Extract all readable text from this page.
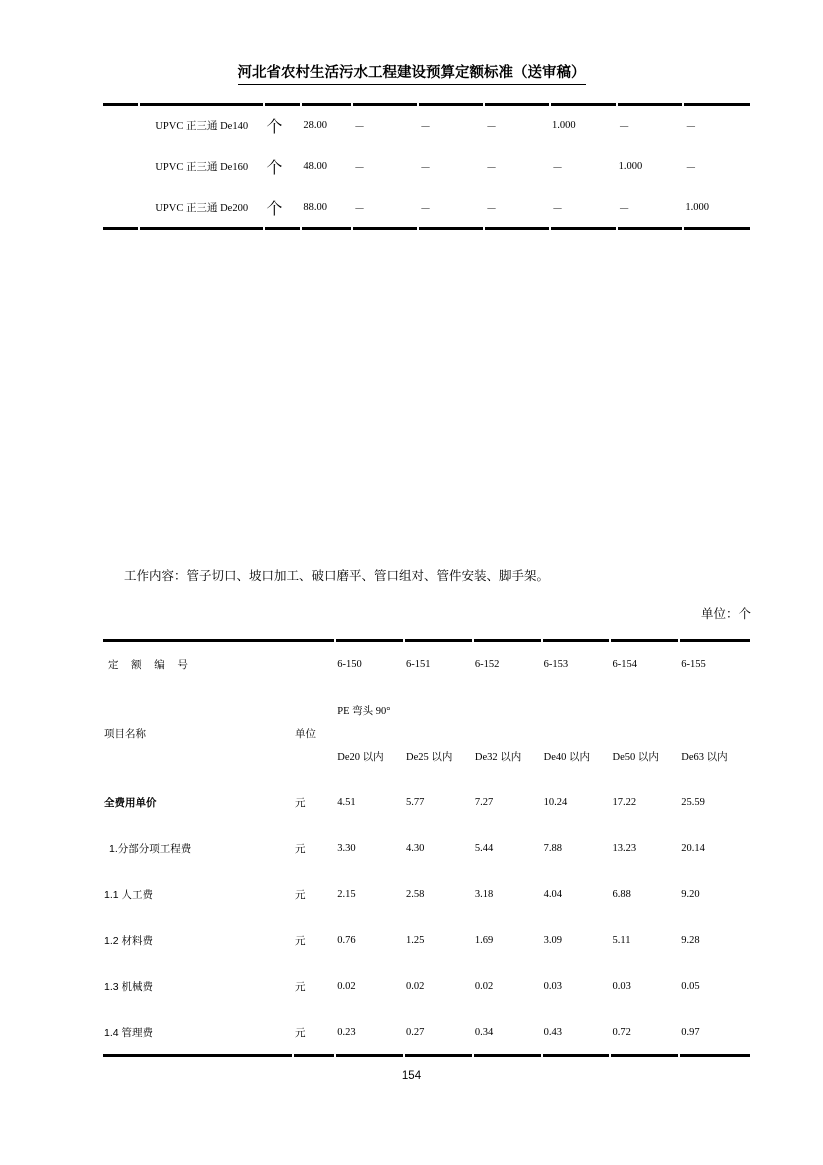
河北省农村生活污水工程建设预算定额标准（送审稿）
	UPVC 正三通 De140	个	28.00	－	－	－	1.000	－	－
	UPVC 正三通 De160	个	48.00	－	－	－	－	1.000	－
	UPVC 正三通 De200	个	88.00	－	－	－	－	－	1.000
工作内容：管子切口、坡口加工、破口磨平、管口组对、管件安装、脚手架。
单位：个
定 额 编 号		6-150	6-151	6-152	6-153	6-154	6-155
项目名称	单位	PE 弯头 90°					
		De20 以内	De25 以内	De32 以内	De40 以内	De50 以内	De63 以内
全费用单价	元	4.51	5.77	7.27	10.24	17.22	25.59
1.分部分项工程费	元	3.30	4.30	5.44	7.88	13.23	20.14
1.1 人工费	元	2.15	2.58	3.18	4.04	6.88	9.20
1.2 材料费	元	0.76	1.25	1.69	3.09	5.11	9.28
1.3 机械费	元	0.02	0.02	0.02	0.03	0.03	0.05
1.4 管理费	元	0.23	0.27	0.34	0.43	0.72	0.97
154
